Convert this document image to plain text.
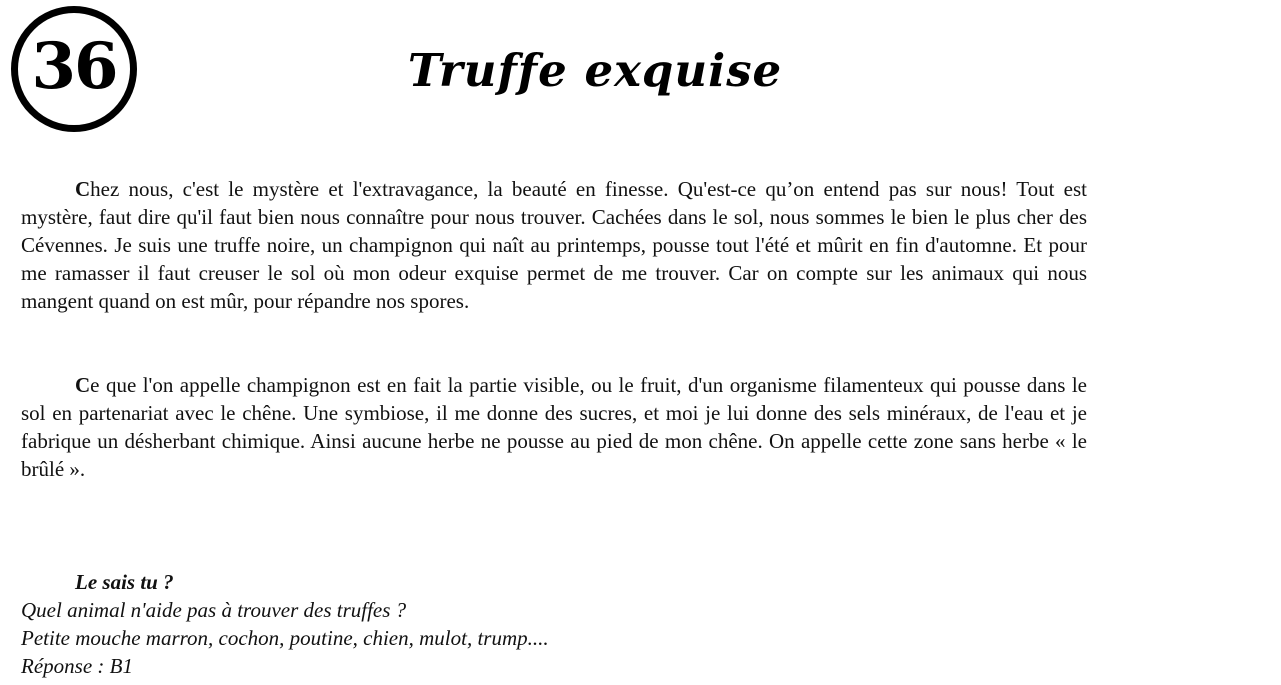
36	Truffe exquise

Chez nous, c'est le mystère et l'extravagance, la beauté en finesse. Qu'est-ce qu’on entend pas sur nous! Tout est mystère, faut dire qu'il faut bien nous connaître pour nous trouver. Cachées dans le sol, nous sommes le bien le plus cher des Cévennes. Je suis une truffe noire, un champignon qui naît au printemps, pousse tout l'été et mûrit en fin d'automne. Et pour me ramasser il faut creuser le sol où mon odeur exquise permet de me trouver. Car on compte sur les animaux qui nous mangent quand on est mûr, pour répandre nos spores.

Ce que l'on appelle champignon est en fait la partie visible, ou le fruit, d'un organisme filamenteux qui pousse dans le sol en partenariat avec le chêne. Une symbiose, il me donne des sucres, et moi je lui donne des sels minéraux, de l'eau et je fabrique un désherbant chimique. Ainsi aucune herbe ne pousse au pied de mon chêne. On appelle cette zone sans herbe « le brûlé ».

Le sais tu ?
Quel animal n'aide pas à trouver des truffes ?
Petite mouche marron, cochon, poutine, chien, mulot, trump....
Réponse : B1
